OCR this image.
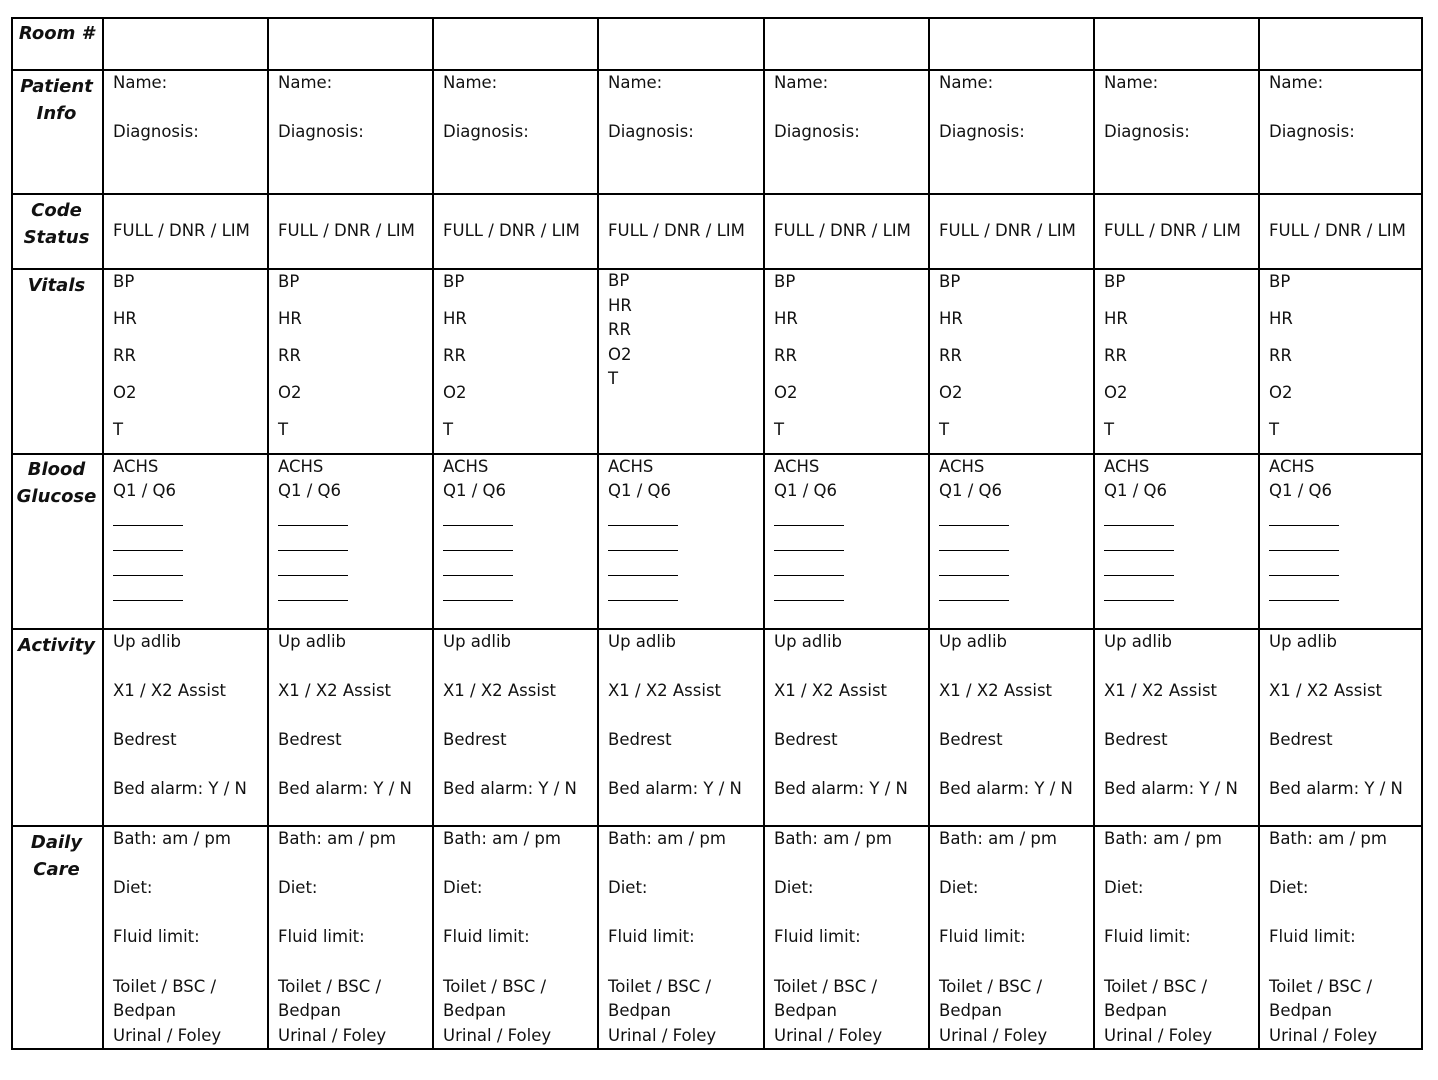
Room #
Patient
Info
Code
Status
Vitals
Blood
Glucose
Activity
Daily
Care
Name:
Diagnosis:
FULL / DNR / LIM
BP
HR
RR
O2
T
ACHS
Q1 / Q6
Up adlib
X1 / X2 Assist
Bedrest
Bed alarm: Y / N
Bath: am / pm
Diet:
Fluid limit:
Toilet / BSC /
Bedpan
Urinal / Foley
Name:
Diagnosis:
FULL / DNR / LIM
BP
HR
RR
O2
T
ACHS
Q1 / Q6
Up adlib
X1 / X2 Assist
Bedrest
Bed alarm: Y / N
Bath: am / pm
Diet:
Fluid limit:
Toilet / BSC /
Bedpan
Urinal / Foley
Name:
Diagnosis:
FULL / DNR / LIM
BP
HR
RR
O2
T
ACHS
Q1 / Q6
Up adlib
X1 / X2 Assist
Bedrest
Bed alarm: Y / N
Bath: am / pm
Diet:
Fluid limit:
Toilet / BSC /
Bedpan
Urinal / Foley
Name:
Diagnosis:
FULL / DNR / LIM
BP
HR
RR
O2
T
ACHS
Q1 / Q6
Up adlib
X1 / X2 Assist
Bedrest
Bed alarm: Y / N
Bath: am / pm
Diet:
Fluid limit:
Toilet / BSC /
Bedpan
Urinal / Foley
Name:
Diagnosis:
FULL / DNR / LIM
BP
HR
RR
O2
T
ACHS
Q1 / Q6
Up adlib
X1 / X2 Assist
Bedrest
Bed alarm: Y / N
Bath: am / pm
Diet:
Fluid limit:
Toilet / BSC /
Bedpan
Urinal / Foley
Name:
Diagnosis:
FULL / DNR / LIM
BP
HR
RR
O2
T
ACHS
Q1 / Q6
Up adlib
X1 / X2 Assist
Bedrest
Bed alarm: Y / N
Bath: am / pm
Diet:
Fluid limit:
Toilet / BSC /
Bedpan
Urinal / Foley
Name:
Diagnosis:
FULL / DNR / LIM
BP
HR
RR
O2
T
ACHS
Q1 / Q6
Up adlib
X1 / X2 Assist
Bedrest
Bed alarm: Y / N
Bath: am / pm
Diet:
Fluid limit:
Toilet / BSC /
Bedpan
Urinal / Foley
Name:
Diagnosis:
FULL / DNR / LIM
BP
HR
RR
O2
T
ACHS
Q1 / Q6
Up adlib
X1 / X2 Assist
Bedrest
Bed alarm: Y / N
Bath: am / pm
Diet:
Fluid limit:
Toilet / BSC /
Bedpan
Urinal / Foley
